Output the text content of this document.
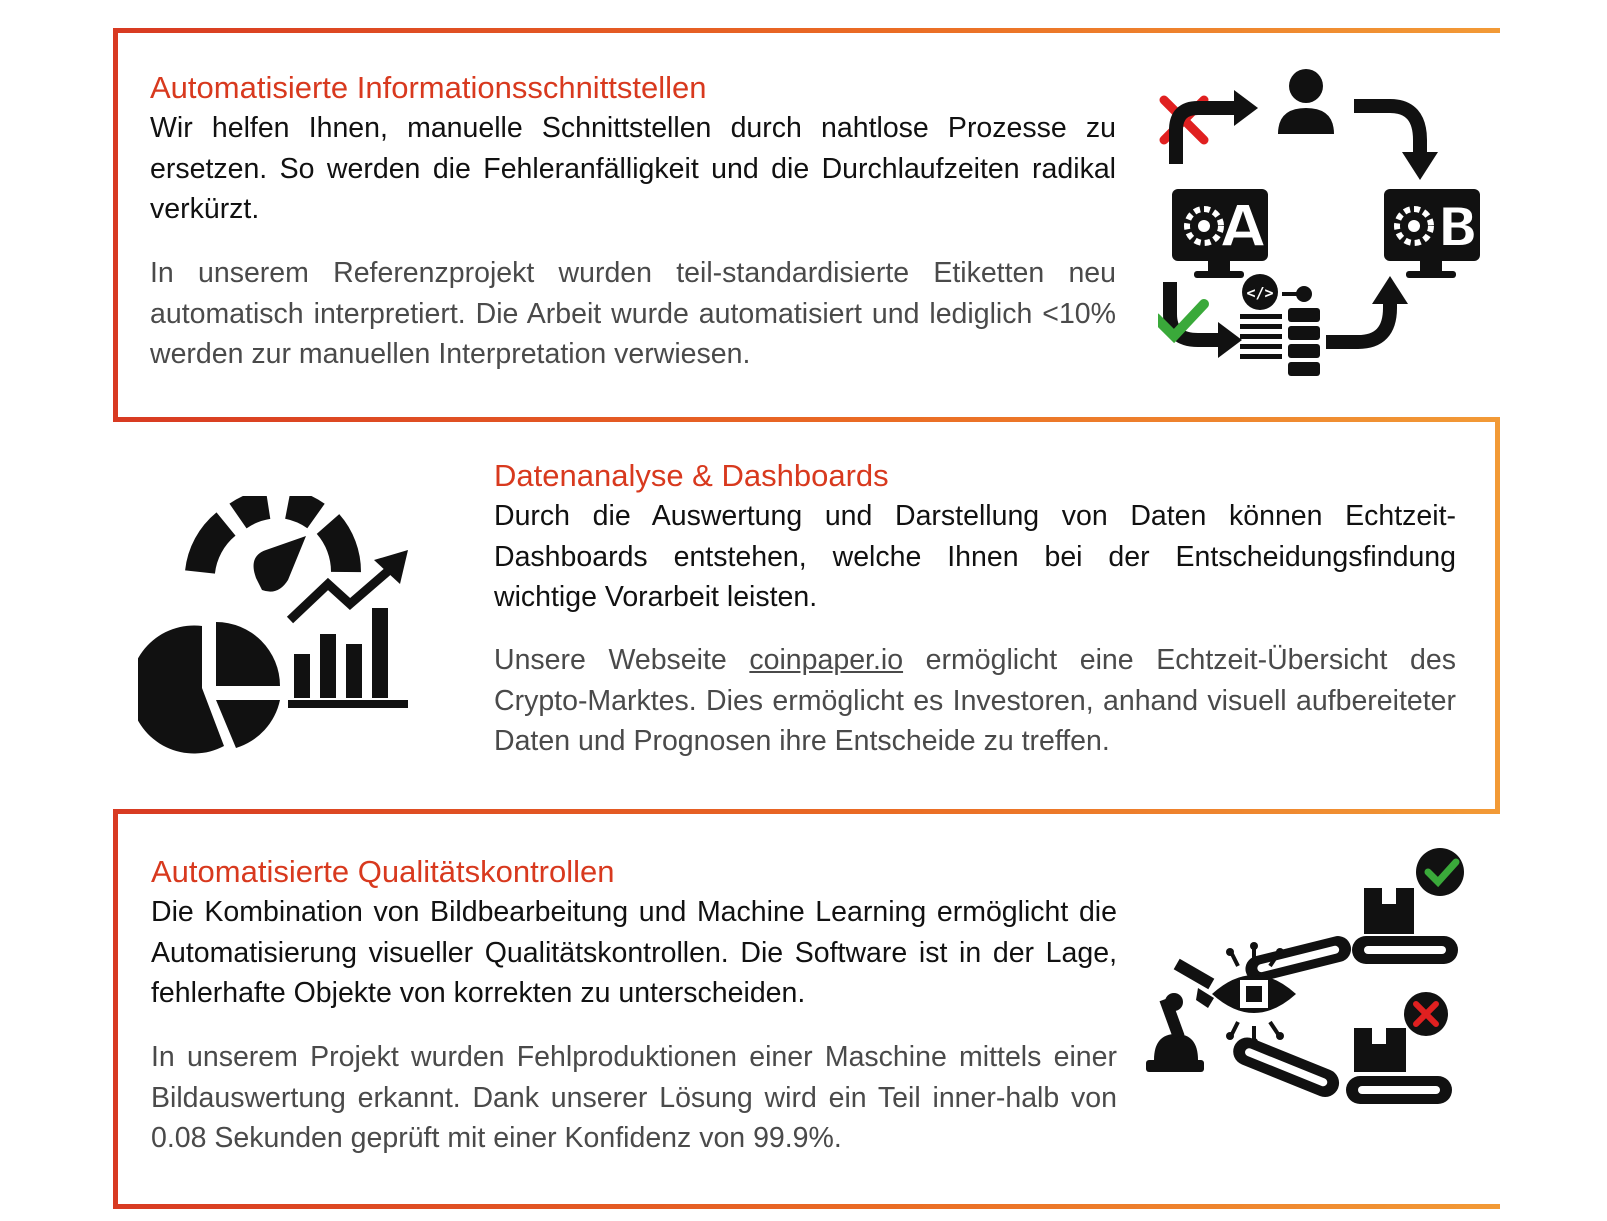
Automatisierte Informationsschnittstellen

Wir helfen Ihnen, manuelle Schnittstellen durch nahtlose Prozesse zu ersetzen. So werden die Fehleranfälligkeit und die Durchlaufzeiten radikal verkürzt.

In unserem Referenzprojekt wurden teil-standardisierte Etiketten neu automatisch interpretiert. Die Arbeit wurde automatisiert und lediglich <10% werden zur manuellen Interpretation verwiesen.

A	B
</>
Datenanalyse & Dashboards

Durch die Auswertung und Darstellung von Daten können Echtzeit-Dashboards entstehen, welche Ihnen bei der Entscheidungsfindung wichtige Vorarbeit leisten.

Unsere Webseite coinpaper.io ermöglicht eine Echtzeit-Übersicht des Crypto-Marktes. Dies ermöglicht es Investoren, anhand visuell aufbereiteter Daten und Prognosen ihre Entscheide zu treffen.

Automatisierte Qualitätskontrollen

Die Kombination von Bildbearbeitung und Machine Learning ermöglicht die Automatisierung visueller Qualitätskontrollen. Die Software ist in der Lage, fehlerhafte Objekte von korrekten zu unterscheiden.

In unserem Projekt wurden Fehlproduktionen einer Maschine mittels einer Bildauswertung erkannt. Dank unserer Lösung wird ein Teil inner-halb von 0.08 Sekunden geprüft mit einer Konfidenz von 99.9%.
